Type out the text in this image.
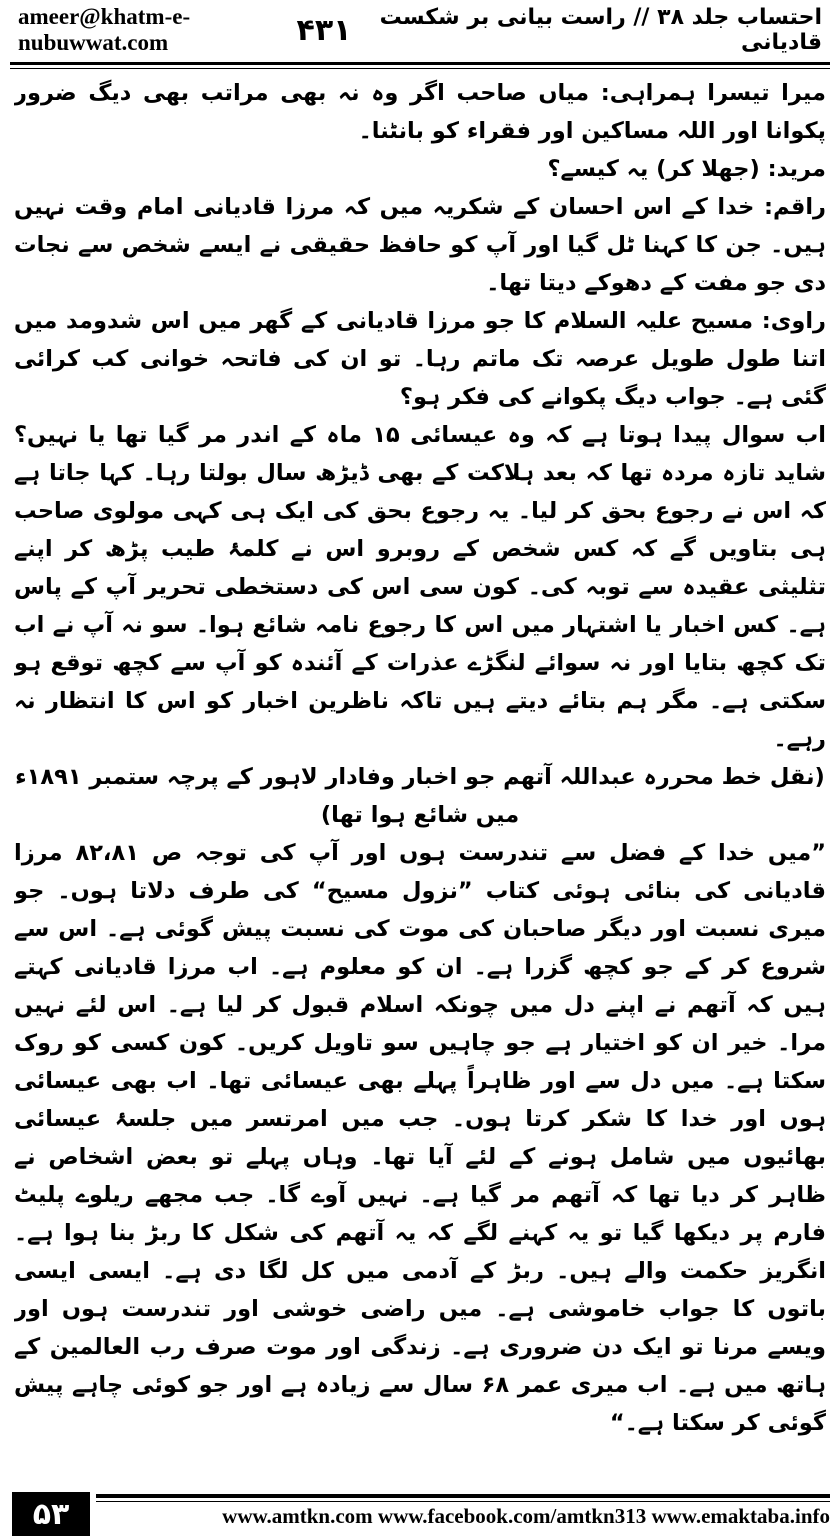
ameer@khatm-e-nubuwwat.com
احتساب جلد ۳۸ // راست بیانی بر شکست قادیانی
۴۳۱

میرا تیسرا ہمراہی: میاں صاحب اگر وہ نہ بھی مراتب بھی دیگ ضرور پکوانا اور اللہ مساکین اور فقراء کو بانٹنا۔

مرید: (جھلا کر) یہ کیسے؟

راقم: خدا کے اس احسان کے شکریہ میں کہ مرزا قادیانی امام وقت نہیں ہیں۔ جن کا کہنا ٹل گیا اور آپ کو حافظ حقیقی نے ایسے شخص سے نجات دی جو مفت کے دھوکے دیتا تھا۔

راوی: مسیح علیہ السلام کا جو مرزا قادیانی کے گھر میں اس شدومد میں اتنا طول طویل عرصہ تک ماتم رہا۔ تو ان کی فاتحہ خوانی کب کرائی گئی ہے۔ جواب دیگ پکوانے کی فکر ہو؟

اب سوال پیدا ہوتا ہے کہ وہ عیسائی ۱۵ ماہ کے اندر مر گیا تھا یا نہیں؟ شاید تازہ مردہ تھا کہ بعد ہلاکت کے بھی ڈیڑھ سال بولتا رہا۔ کہا جاتا ہے کہ اس نے رجوع بحق کر لیا۔ یہ رجوع بحق کی ایک ہی کہی مولوی صاحب ہی بتاویں گے کہ کس شخص کے روبرو اس نے کلمۂ طیب پڑھ کر اپنے تثلیثی عقیدہ سے توبہ کی۔ کون سی اس کی دستخطی تحریر آپ کے پاس ہے۔ کس اخبار یا اشتہار میں اس کا رجوع نامہ شائع ہوا۔ سو نہ آپ نے اب تک کچھ بتایا اور نہ سوائے لنگڑے عذرات کے آئندہ کو آپ سے کچھ توقع ہو سکتی ہے۔ مگر ہم بتائے دیتے ہیں تاکہ ناظرین اخبار کو اس کا انتظار نہ رہے۔

(نقل خط محررہ عبداللہ آتھم جو اخبار وفادار لاہور کے پرچہ ستمبر ۱۸۹۱ء میں شائع ہوا تھا)

”میں خدا کے فضل سے تندرست ہوں اور آپ کی توجہ ص ۸۲،۸۱ مرزا قادیانی کی بنائی ہوئی کتاب ”نزول مسیح“ کی طرف دلاتا ہوں۔ جو میری نسبت اور دیگر صاحبان کی موت کی نسبت پیش گوئی ہے۔ اس سے شروع کر کے جو کچھ گزرا ہے۔ ان کو معلوم ہے۔ اب مرزا قادیانی کہتے ہیں کہ آتھم نے اپنے دل میں چونکہ اسلام قبول کر لیا ہے۔ اس لئے نہیں مرا۔ خیر ان کو اختیار ہے جو چاہیں سو تاویل کریں۔ کون کسی کو روک سکتا ہے۔ میں دل سے اور ظاہراً پہلے بھی عیسائی تھا۔ اب بھی عیسائی ہوں اور خدا کا شکر کرتا ہوں۔ جب میں امرتسر میں جلسۂ عیسائی بھائیوں میں شامل ہونے کے لئے آیا تھا۔ وہاں پہلے تو بعض اشخاص نے ظاہر کر دیا تھا کہ آتھم مر گیا ہے۔ نہیں آوے گا۔ جب مجھے ریلوے پلیٹ فارم پر دیکھا گیا تو یہ کہنے لگے کہ یہ آتھم کی شکل کا ربڑ بنا ہوا ہے۔ انگریز حکمت والے ہیں۔ ربڑ کے آدمی میں کل لگا دی ہے۔ ایسی ایسی باتوں کا جواب خاموشی ہے۔ میں راضی خوشی اور تندرست ہوں اور ویسے مرنا تو ایک دن ضروری ہے۔ زندگی اور موت صرف رب العالمین کے ہاتھ میں ہے۔ اب میری عمر ۶۸ سال سے زیادہ ہے اور جو کوئی چاہے پیش گوئی کر سکتا ہے۔“

۵۳	www.amtkn.com www.facebook.com/amtkn313 www.emaktaba.info
